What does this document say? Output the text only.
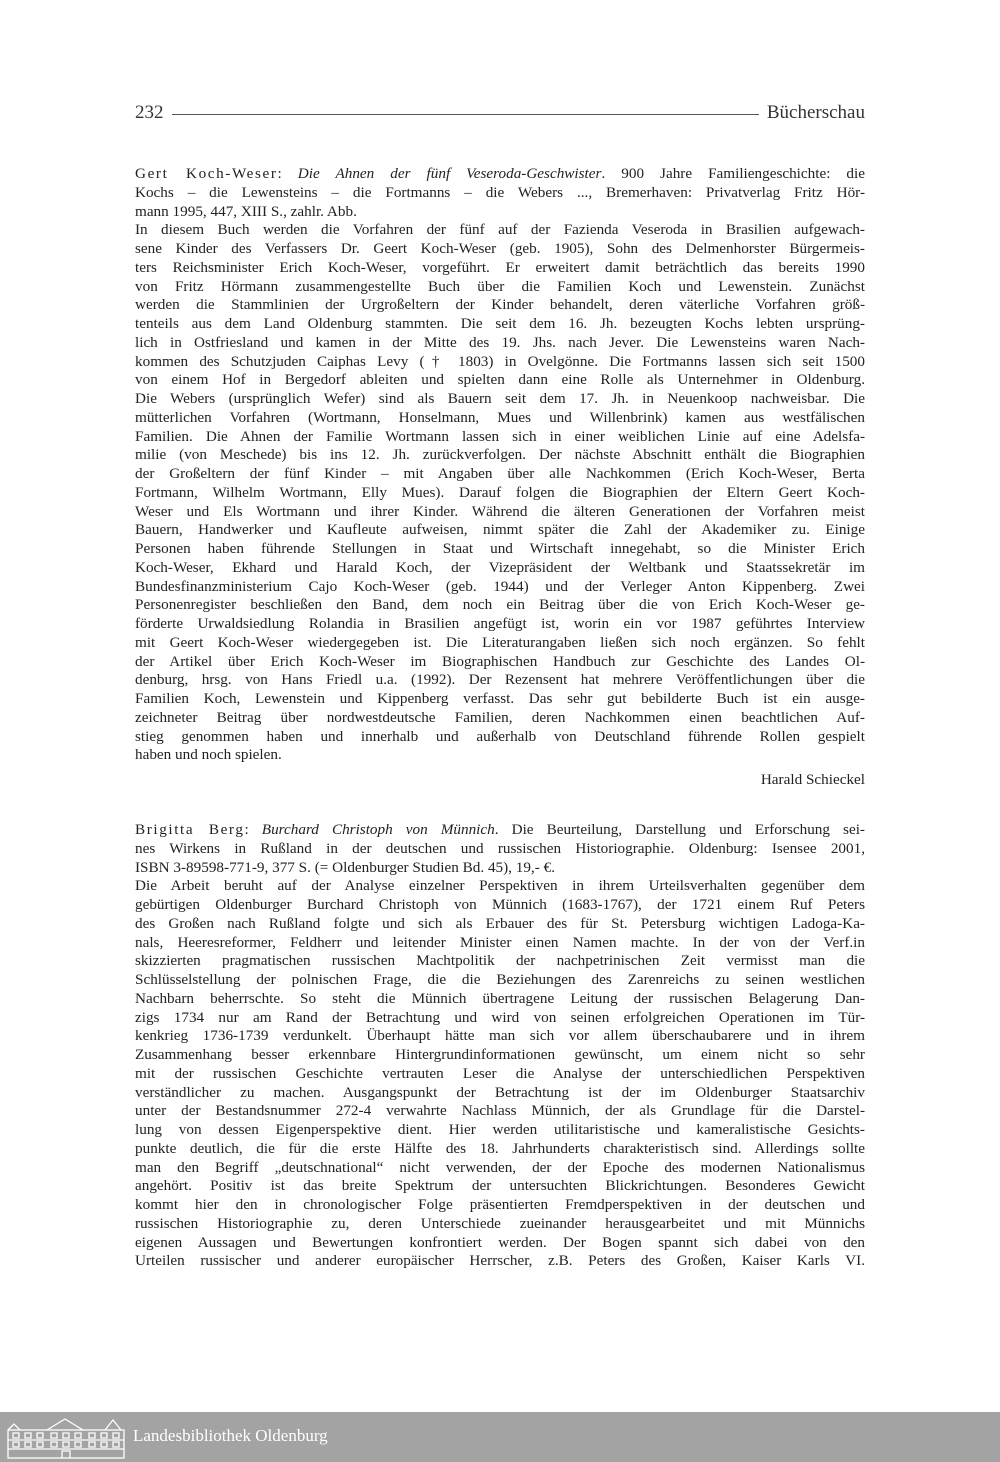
232	Bücherschau
Gert Koch-Weser: Die Ahnen der fünf Veseroda-Geschwister. 900 Jahre Familiengeschichte: die
Kochs – die Lewensteins – die Fortmanns – die Webers ..., Bremerhaven: Privatverlag Fritz Hör-
mann 1995, 447, XIII S., zahlr. Abb.
In diesem Buch werden die Vorfahren der fünf auf der Fazienda Veseroda in Brasilien aufgewach-
sene Kinder des Verfassers Dr. Geert Koch-Weser (geb. 1905), Sohn des Delmenhorster Bürgermeis-
ters Reichsminister Erich Koch-Weser, vorgeführt. Er erweitert damit beträchtlich das bereits 1990
von Fritz Hörmann zusammengestellte Buch über die Familien Koch und Lewenstein. Zunächst
werden die Stammlinien der Urgroßeltern der Kinder behandelt, deren väterliche Vorfahren größ-
tenteils aus dem Land Oldenburg stammten. Die seit dem 16. Jh. bezeugten Kochs lebten ursprüng-
lich in Ostfriesland und kamen in der Mitte des 19. Jhs. nach Jever. Die Lewensteins waren Nach-
kommen des Schutzjuden Caiphas Levy († 1803) in Ovelgönne. Die Fortmanns lassen sich seit 1500
von einem Hof in Bergedorf ableiten und spielten dann eine Rolle als Unternehmer in Oldenburg.
Die Webers (ursprünglich Wefer) sind als Bauern seit dem 17. Jh. in Neuenkoop nachweisbar. Die
mütterlichen Vorfahren (Wortmann, Honselmann, Mues und Willenbrink) kamen aus westfälischen
Familien. Die Ahnen der Familie Wortmann lassen sich in einer weiblichen Linie auf eine Adelsfa-
milie (von Meschede) bis ins 12. Jh. zurückverfolgen. Der nächste Abschnitt enthält die Biographien
der Großeltern der fünf Kinder – mit Angaben über alle Nachkommen (Erich Koch-Weser, Berta
Fortmann, Wilhelm Wortmann, Elly Mues). Darauf folgen die Biographien der Eltern Geert Koch-
Weser und Els Wortmann und ihrer Kinder. Während die älteren Generationen der Vorfahren meist
Bauern, Handwerker und Kaufleute aufweisen, nimmt später die Zahl der Akademiker zu. Einige
Personen haben führende Stellungen in Staat und Wirtschaft innegehabt, so die Minister Erich
Koch-Weser, Ekhard und Harald Koch, der Vizepräsident der Weltbank und Staatssekretär im
Bundesfinanzministerium Cajo Koch-Weser (geb. 1944) und der Verleger Anton Kippenberg. Zwei
Personenregister beschließen den Band, dem noch ein Beitrag über die von Erich Koch-Weser ge-
förderte Urwaldsiedlung Rolandia in Brasilien angefügt ist, worin ein vor 1987 geführtes Interview
mit Geert Koch-Weser wiedergegeben ist. Die Literaturangaben ließen sich noch ergänzen. So fehlt
der Artikel über Erich Koch-Weser im Biographischen Handbuch zur Geschichte des Landes Ol-
denburg, hrsg. von Hans Friedl u.a. (1992). Der Rezensent hat mehrere Veröffentlichungen über die
Familien Koch, Lewenstein und Kippenberg verfasst. Das sehr gut bebilderte Buch ist ein ausge-
zeichneter Beitrag über nordwestdeutsche Familien, deren Nachkommen einen beachtlichen Auf-
stieg genommen haben und innerhalb und außerhalb von Deutschland führende Rollen gespielt
haben und noch spielen.
Harald Schieckel
Brigitta Berg: Burchard Christoph von Münnich. Die Beurteilung, Darstellung und Erforschung sei-
nes Wirkens in Rußland in der deutschen und russischen Historiographie. Oldenburg: Isensee 2001,
ISBN 3-89598-771-9, 377 S. (= Oldenburger Studien Bd. 45), 19,- €.
Die Arbeit beruht auf der Analyse einzelner Perspektiven in ihrem Urteilsverhalten gegenüber dem
gebürtigen Oldenburger Burchard Christoph von Münnich (1683-1767), der 1721 einem Ruf Peters
des Großen nach Rußland folgte und sich als Erbauer des für St. Petersburg wichtigen Ladoga-Ka-
nals, Heeresreformer, Feldherr und leitender Minister einen Namen machte. In der von der Verf.in
skizzierten pragmatischen russischen Machtpolitik der nachpetrinischen Zeit vermisst man die
Schlüsselstellung der polnischen Frage, die die Beziehungen des Zarenreichs zu seinen westlichen
Nachbarn beherrschte. So steht die Münnich übertragene Leitung der russischen Belagerung Dan-
zigs 1734 nur am Rand der Betrachtung und wird von seinen erfolgreichen Operationen im Tür-
kenkrieg 1736-1739 verdunkelt. Überhaupt hätte man sich vor allem überschaubarere und in ihrem
Zusammenhang besser erkennbare Hintergrundinformationen gewünscht, um einem nicht so sehr
mit der russischen Geschichte vertrauten Leser die Analyse der unterschiedlichen Perspektiven
verständlicher zu machen. Ausgangspunkt der Betrachtung ist der im Oldenburger Staatsarchiv
unter der Bestandsnummer 272-4 verwahrte Nachlass Münnich, der als Grundlage für die Darstel-
lung von dessen Eigenperspektive dient. Hier werden utilitaristische und kameralistische Gesichts-
punkte deutlich, die für die erste Hälfte des 18. Jahrhunderts charakteristisch sind. Allerdings sollte
man den Begriff „deutschnational“ nicht verwenden, der der Epoche des modernen Nationalismus
angehört. Positiv ist das breite Spektrum der untersuchten Blickrichtungen. Besonderes Gewicht
kommt hier den in chronologischer Folge präsentierten Fremdperspektiven in der deutschen und
russischen Historiographie zu, deren Unterschiede zueinander herausgearbeitet und mit Münnichs
eigenen Aussagen und Bewertungen konfrontiert werden. Der Bogen spannt sich dabei von den
Urteilen russischer und anderer europäischer Herrscher, z.B. Peters des Großen, Kaiser Karls VI.
Landesbibliothek Oldenburg
